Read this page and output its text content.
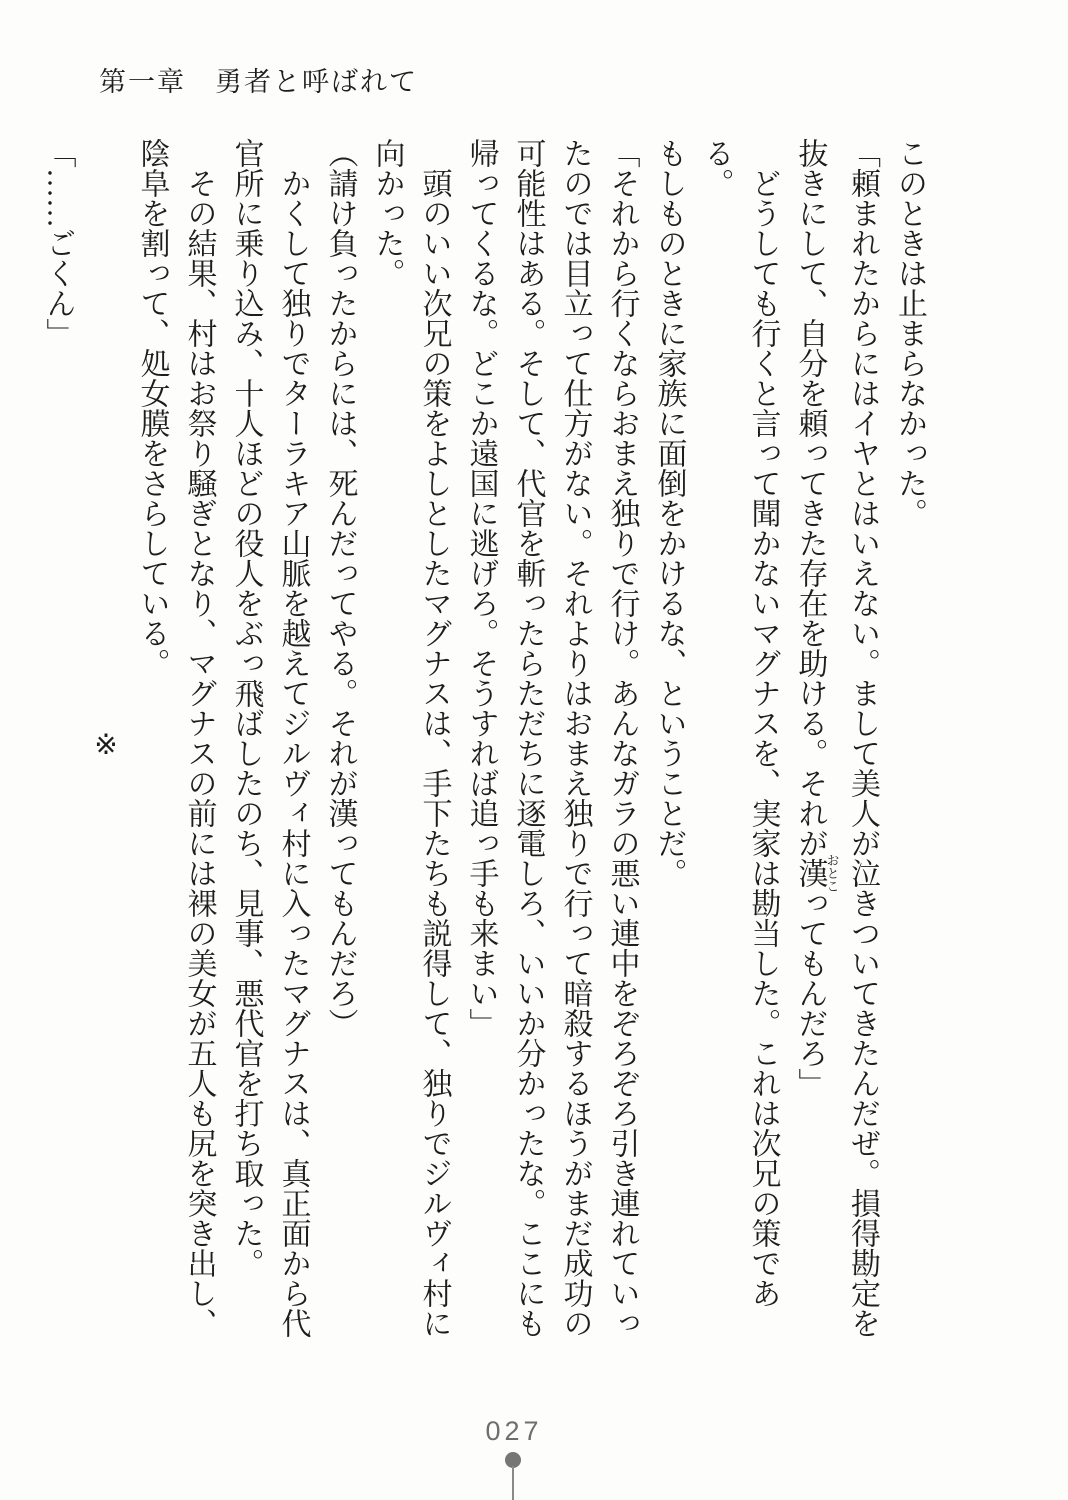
第一章　勇者と呼ばれて

このときは止まらなかった。

「頼まれたからにはイヤとはいえない。まして美人が泣きついてきたんだぜ。損得勘定を

抜きにして、自分を頼ってきた存在を助ける。それが漢おとこってもんだろ」

どうしても行くと言って聞かないマグナスを、実家は勘当した。これは次兄の策である。

もしものときに家族に面倒をかけるな、ということだ。

「それから行くならおまえ独りで行け。あんなガラの悪い連中をぞろぞろ引き連れていっ

たのでは目立って仕方がない。それよりはおまえ独りで行って暗殺するほうがまだ成功の

可能性はある。そして、代官を斬ったらただちに逐電しろ、いいか分かったな。ここにも

帰ってくるな。どこか遠国に逃げろ。そうすれば追っ手も来まい」

頭のいい次兄の策をよしとしたマグナスは、手下たちも説得して、独りでジルヴィ村に

向かった。

（請け負ったからには、死んだってやる。それが漢ってもんだろ）

かくして独りでターラキア山脈を越えてジルヴィ村に入ったマグナスは、真正面から代

官所に乗り込み、十人ほどの役人をぶっ飛ばしたのち、見事、悪代官を打ち取った。

その結果、村はお祭り騒ぎとなり、マグナスの前には裸の美女が五人も尻を突き出し、

陰阜を割って、処女膜をさらしている。

※

「……ごくん」

027
